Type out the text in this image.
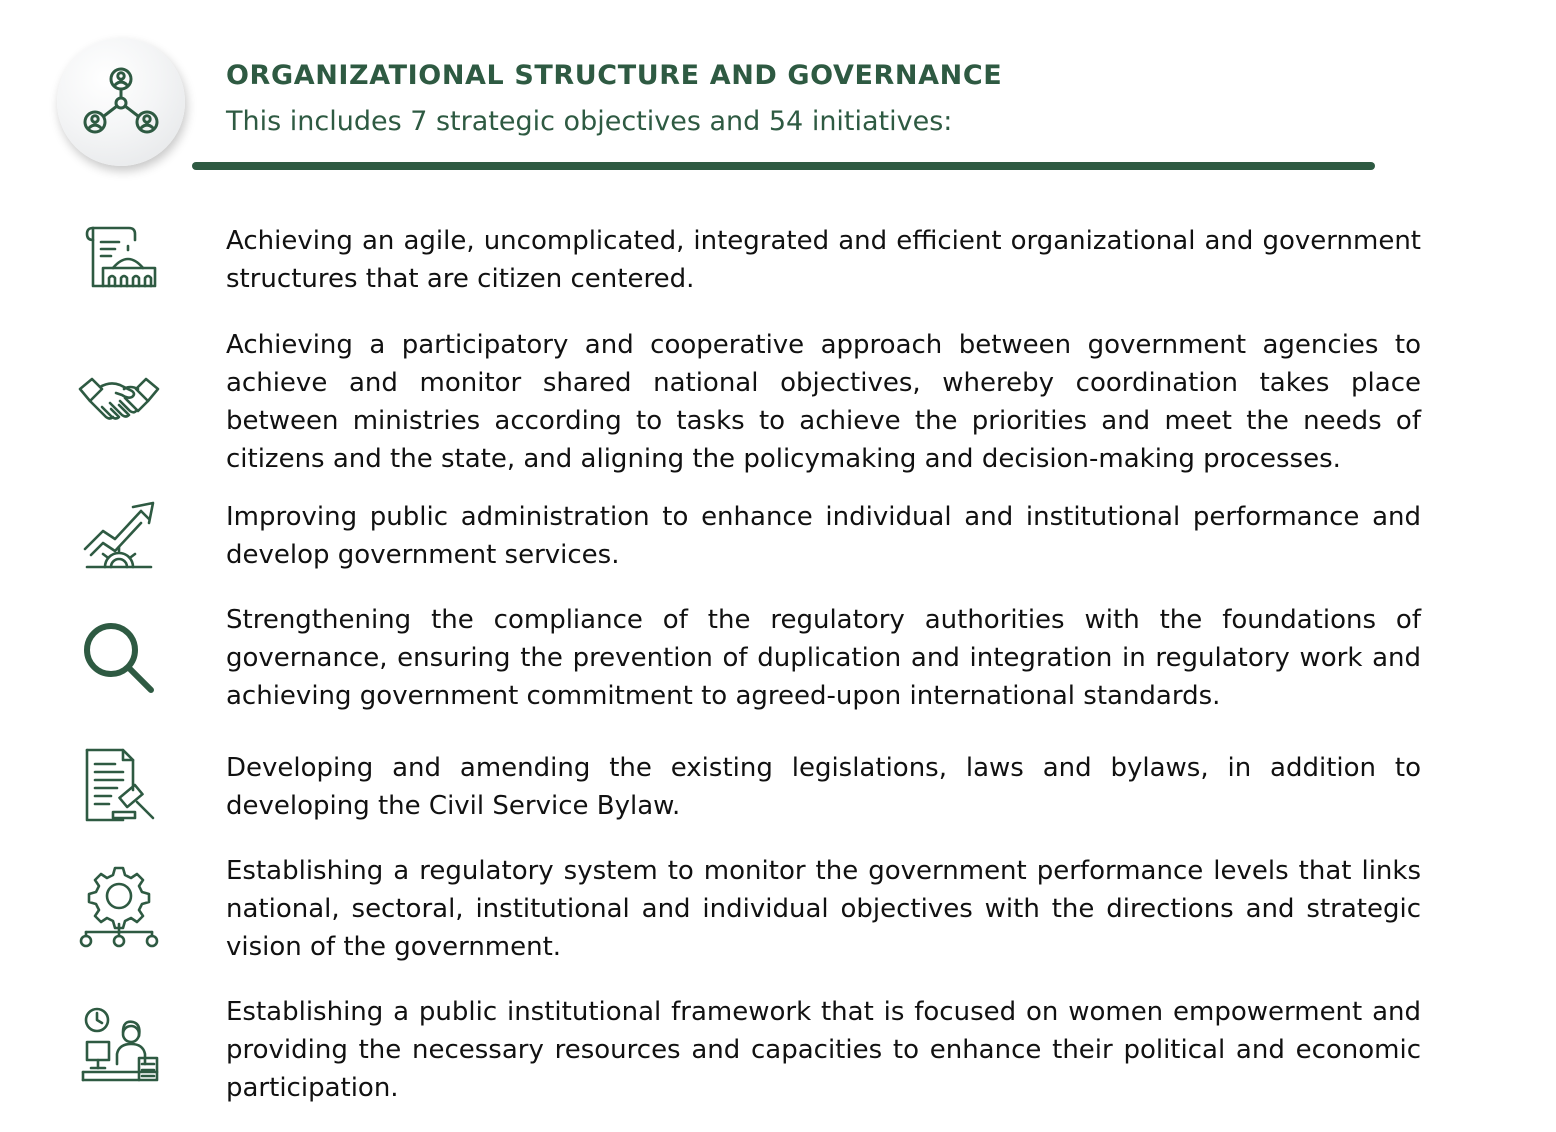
ORGANIZATIONAL STRUCTURE AND GOVERNANCE
This includes 7 strategic objectives and 54 initiatives:
Achieving an agile, uncomplicated, integrated and efficient organizational and government structures that are citizen centered.
Achieving a participatory and cooperative approach between government agencies to achieve and monitor shared national objectives, whereby coordination takes place between ministries according to tasks to achieve the priorities and meet the needs of citizens and the state, and aligning the policymaking and decision-making processes.
Improving public administration to enhance individual and institutional performance and develop government services.
Strengthening the compliance of the regulatory authorities with the foundations of governance, ensuring the prevention of duplication and integration in regulatory work and achieving government commitment to agreed-upon international standards.
Developing and amending the existing legislations, laws and bylaws, in addition to developing the Civil Service Bylaw.
Establishing a regulatory system to monitor the government performance levels that links national, sectoral, institutional and individual objectives with the directions and strategic vision of the government.
Establishing a public institutional framework that is focused on women empowerment and providing the necessary resources and capacities to enhance their political and economic participation.
